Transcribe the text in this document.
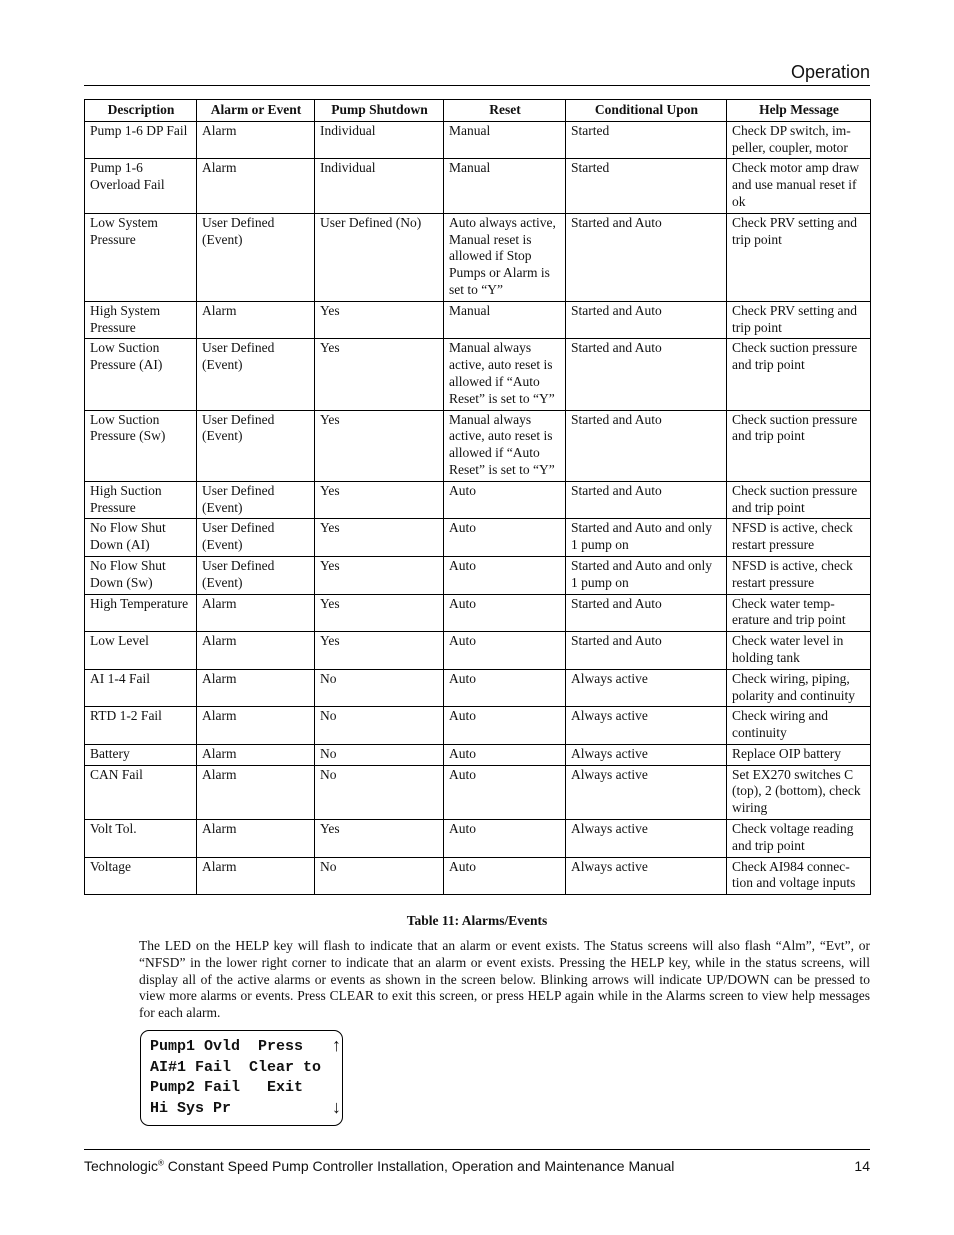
Operation
Description	Alarm or Event	Pump Shutdown	Reset	Conditional Upon	Help Message
Pump 1-6 DP Fail	Alarm	Individual	Manual	Started	Check DP switch, im-peller, coupler, motor
Pump 1-6 Overload Fail	Alarm	Individual	Manual	Started	Check motor amp draw and use manual reset if ok
Low System Pressure	User Defined (Event)	User Defined (No)	Auto always active, Manual reset is allowed if Stop Pumps or Alarm is set to “Y”	Started and Auto	Check PRV setting and trip point
High System Pressure	Alarm	Yes	Manual	Started and Auto	Check PRV setting and trip point
Low Suction Pressure (AI)	User Defined (Event)	Yes	Manual always active, auto reset is allowed if “Auto Reset” is set to “Y”	Started and Auto	Check suction pressure and trip point
Low Suction Pressure (Sw)	User Defined (Event)	Yes	Manual always active, auto reset is allowed if “Auto Reset” is set to “Y”	Started and Auto	Check suction pressure and trip point
High Suction Pressure	User Defined (Event)	Yes	Auto	Started and Auto	Check suction pressure and trip point
No Flow Shut Down (AI)	User Defined (Event)	Yes	Auto	Started and Auto and only 1 pump on	NFSD is active, check restart pressure
No Flow Shut Down (Sw)	User Defined (Event)	Yes	Auto	Started and Auto and only 1 pump on	NFSD is active, check restart pressure
High Temperature	Alarm	Yes	Auto	Started and Auto	Check water temp-erature and trip point
Low Level	Alarm	Yes	Auto	Started and Auto	Check water level in holding tank
AI 1-4 Fail	Alarm	No	Auto	Always active	Check wiring, piping, polarity and continuity
RTD 1-2 Fail	Alarm	No	Auto	Always active	Check wiring and continuity
Battery	Alarm	No	Auto	Always active	Replace OIP battery
CAN Fail	Alarm	No	Auto	Always active	Set EX270 switches C (top), 2 (bottom), check wiring
Volt Tol.	Alarm	Yes	Auto	Always active	Check voltage reading and trip point
Voltage	Alarm	No	Auto	Always active	Check AI984 connec-tion and voltage inputs
Table 11: Alarms/Events

The LED on the HELP key will flash to indicate that an alarm or event exists. The Status screens will also flash “Alm”, “Evt”, or “NFSD” in the lower right corner to indicate that an alarm or event exists. Pressing the HELP key, while in the status screens, will display all of the active alarms or events as shown in the screen below. Blinking arrows will indicate UP/DOWN can be pressed to view more alarms or events. Press CLEAR to exit this screen, or press HELP again while in the Alarms screen to view help messages for each alarm.

Pump1 Ovld  Press ↑
AI#1 Fail  Clear to
Pump2 Fail   Exit
Hi Sys Pr	↓
Technologic® Constant Speed Pump Controller Installation, Operation and Maintenance Manual	14
